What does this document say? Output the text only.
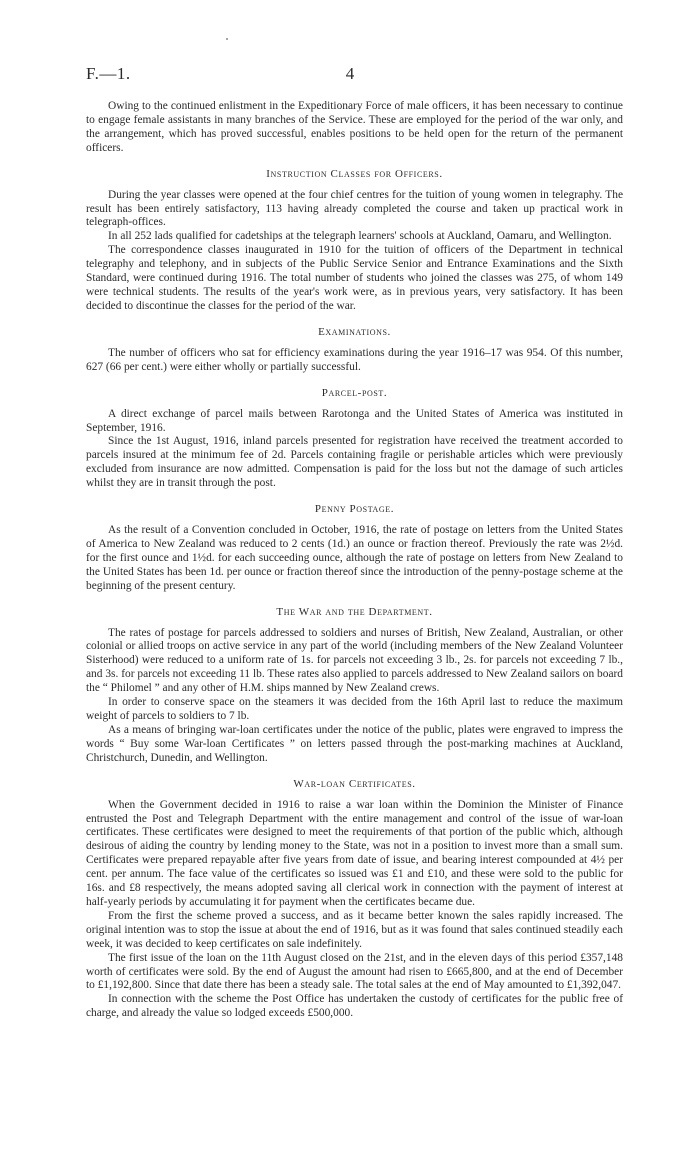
F.—1.	4

Owing to the continued enlistment in the Expeditionary Force of male officers, it has been necessary to continue to engage female assistants in many branches of the Service. These are employed for the period of the war only, and the arrangement, which has proved successful, enables positions to be held open for the return of the permanent officers.

Instruction Classes for Officers.

During the year classes were opened at the four chief centres for the tuition of young women in telegraphy. The result has been entirely satisfactory, 113 having already completed the course and taken up practical work in telegraph-offices.

In all 252 lads qualified for cadetships at the telegraph learners' schools at Auckland, Oamaru, and Wellington.

The correspondence classes inaugurated in 1910 for the tuition of officers of the Department in technical telegraphy and telephony, and in subjects of the Public Service Senior and Entrance Examinations and the Sixth Standard, were continued during 1916. The total number of students who joined the classes was 275, of whom 149 were technical students. The results of the year's work were, as in previous years, very satisfactory. It has been decided to discontinue the classes for the period of the war.

Examinations.

The number of officers who sat for efficiency examinations during the year 1916–17 was 954. Of this number, 627 (66 per cent.) were either wholly or partially successful.

Parcel-post.

A direct exchange of parcel mails between Rarotonga and the United States of America was instituted in September, 1916.

Since the 1st August, 1916, inland parcels presented for registration have received the treatment accorded to parcels insured at the minimum fee of 2d. Parcels containing fragile or perishable articles which were previously excluded from insurance are now admitted. Compensation is paid for the loss but not the damage of such articles whilst they are in transit through the post.

Penny Postage.

As the result of a Convention concluded in October, 1916, the rate of postage on letters from the United States of America to New Zealand was reduced to 2 cents (1d.) an ounce or fraction thereof. Previously the rate was 2½d. for the first ounce and 1½d. for each succeeding ounce, although the rate of postage on letters from New Zealand to the United States has been 1d. per ounce or fraction thereof since the introduction of the penny-postage scheme at the beginning of the present century.

The War and the Department.

The rates of postage for parcels addressed to soldiers and nurses of British, New Zealand, Australian, or other colonial or allied troops on active service in any part of the world (including members of the New Zealand Volunteer Sisterhood) were reduced to a uniform rate of 1s. for parcels not exceeding 3 lb., 2s. for parcels not exceeding 7 lb., and 3s. for parcels not exceeding 11 lb. These rates also applied to parcels addressed to New Zealand sailors on board the “ Philomel ” and any other of H.M. ships manned by New Zealand crews.

In order to conserve space on the steamers it was decided from the 16th April last to reduce the maximum weight of parcels to soldiers to 7 lb.

As a means of bringing war-loan certificates under the notice of the public, plates were engraved to impress the words “ Buy some War-loan Certificates ” on letters passed through the post-marking machines at Auckland, Christchurch, Dunedin, and Wellington.

War-loan Certificates.

When the Government decided in 1916 to raise a war loan within the Dominion the Minister of Finance entrusted the Post and Telegraph Department with the entire management and control of the issue of war-loan certificates. These certificates were designed to meet the requirements of that portion of the public which, although desirous of aiding the country by lending money to the State, was not in a position to invest more than a small sum. Certificates were prepared repayable after five years from date of issue, and bearing interest compounded at 4½ per cent. per annum. The face value of the certificates so issued was £1 and £10, and these were sold to the public for 16s. and £8 respectively, the means adopted saving all clerical work in connection with the payment of interest at half-yearly periods by accumulating it for payment when the certificates became due.

From the first the scheme proved a success, and as it became better known the sales rapidly increased. The original intention was to stop the issue at about the end of 1916, but as it was found that sales continued steadily each week, it was decided to keep certificates on sale indefinitely.

The first issue of the loan on the 11th August closed on the 21st, and in the eleven days of this period £357,148 worth of certificates were sold. By the end of August the amount had risen to £665,800, and at the end of December to £1,192,800. Since that date there has been a steady sale. The total sales at the end of May amounted to £1,392,047.

In connection with the scheme the Post Office has undertaken the custody of certificates for the public free of charge, and already the value so lodged exceeds £500,000.
